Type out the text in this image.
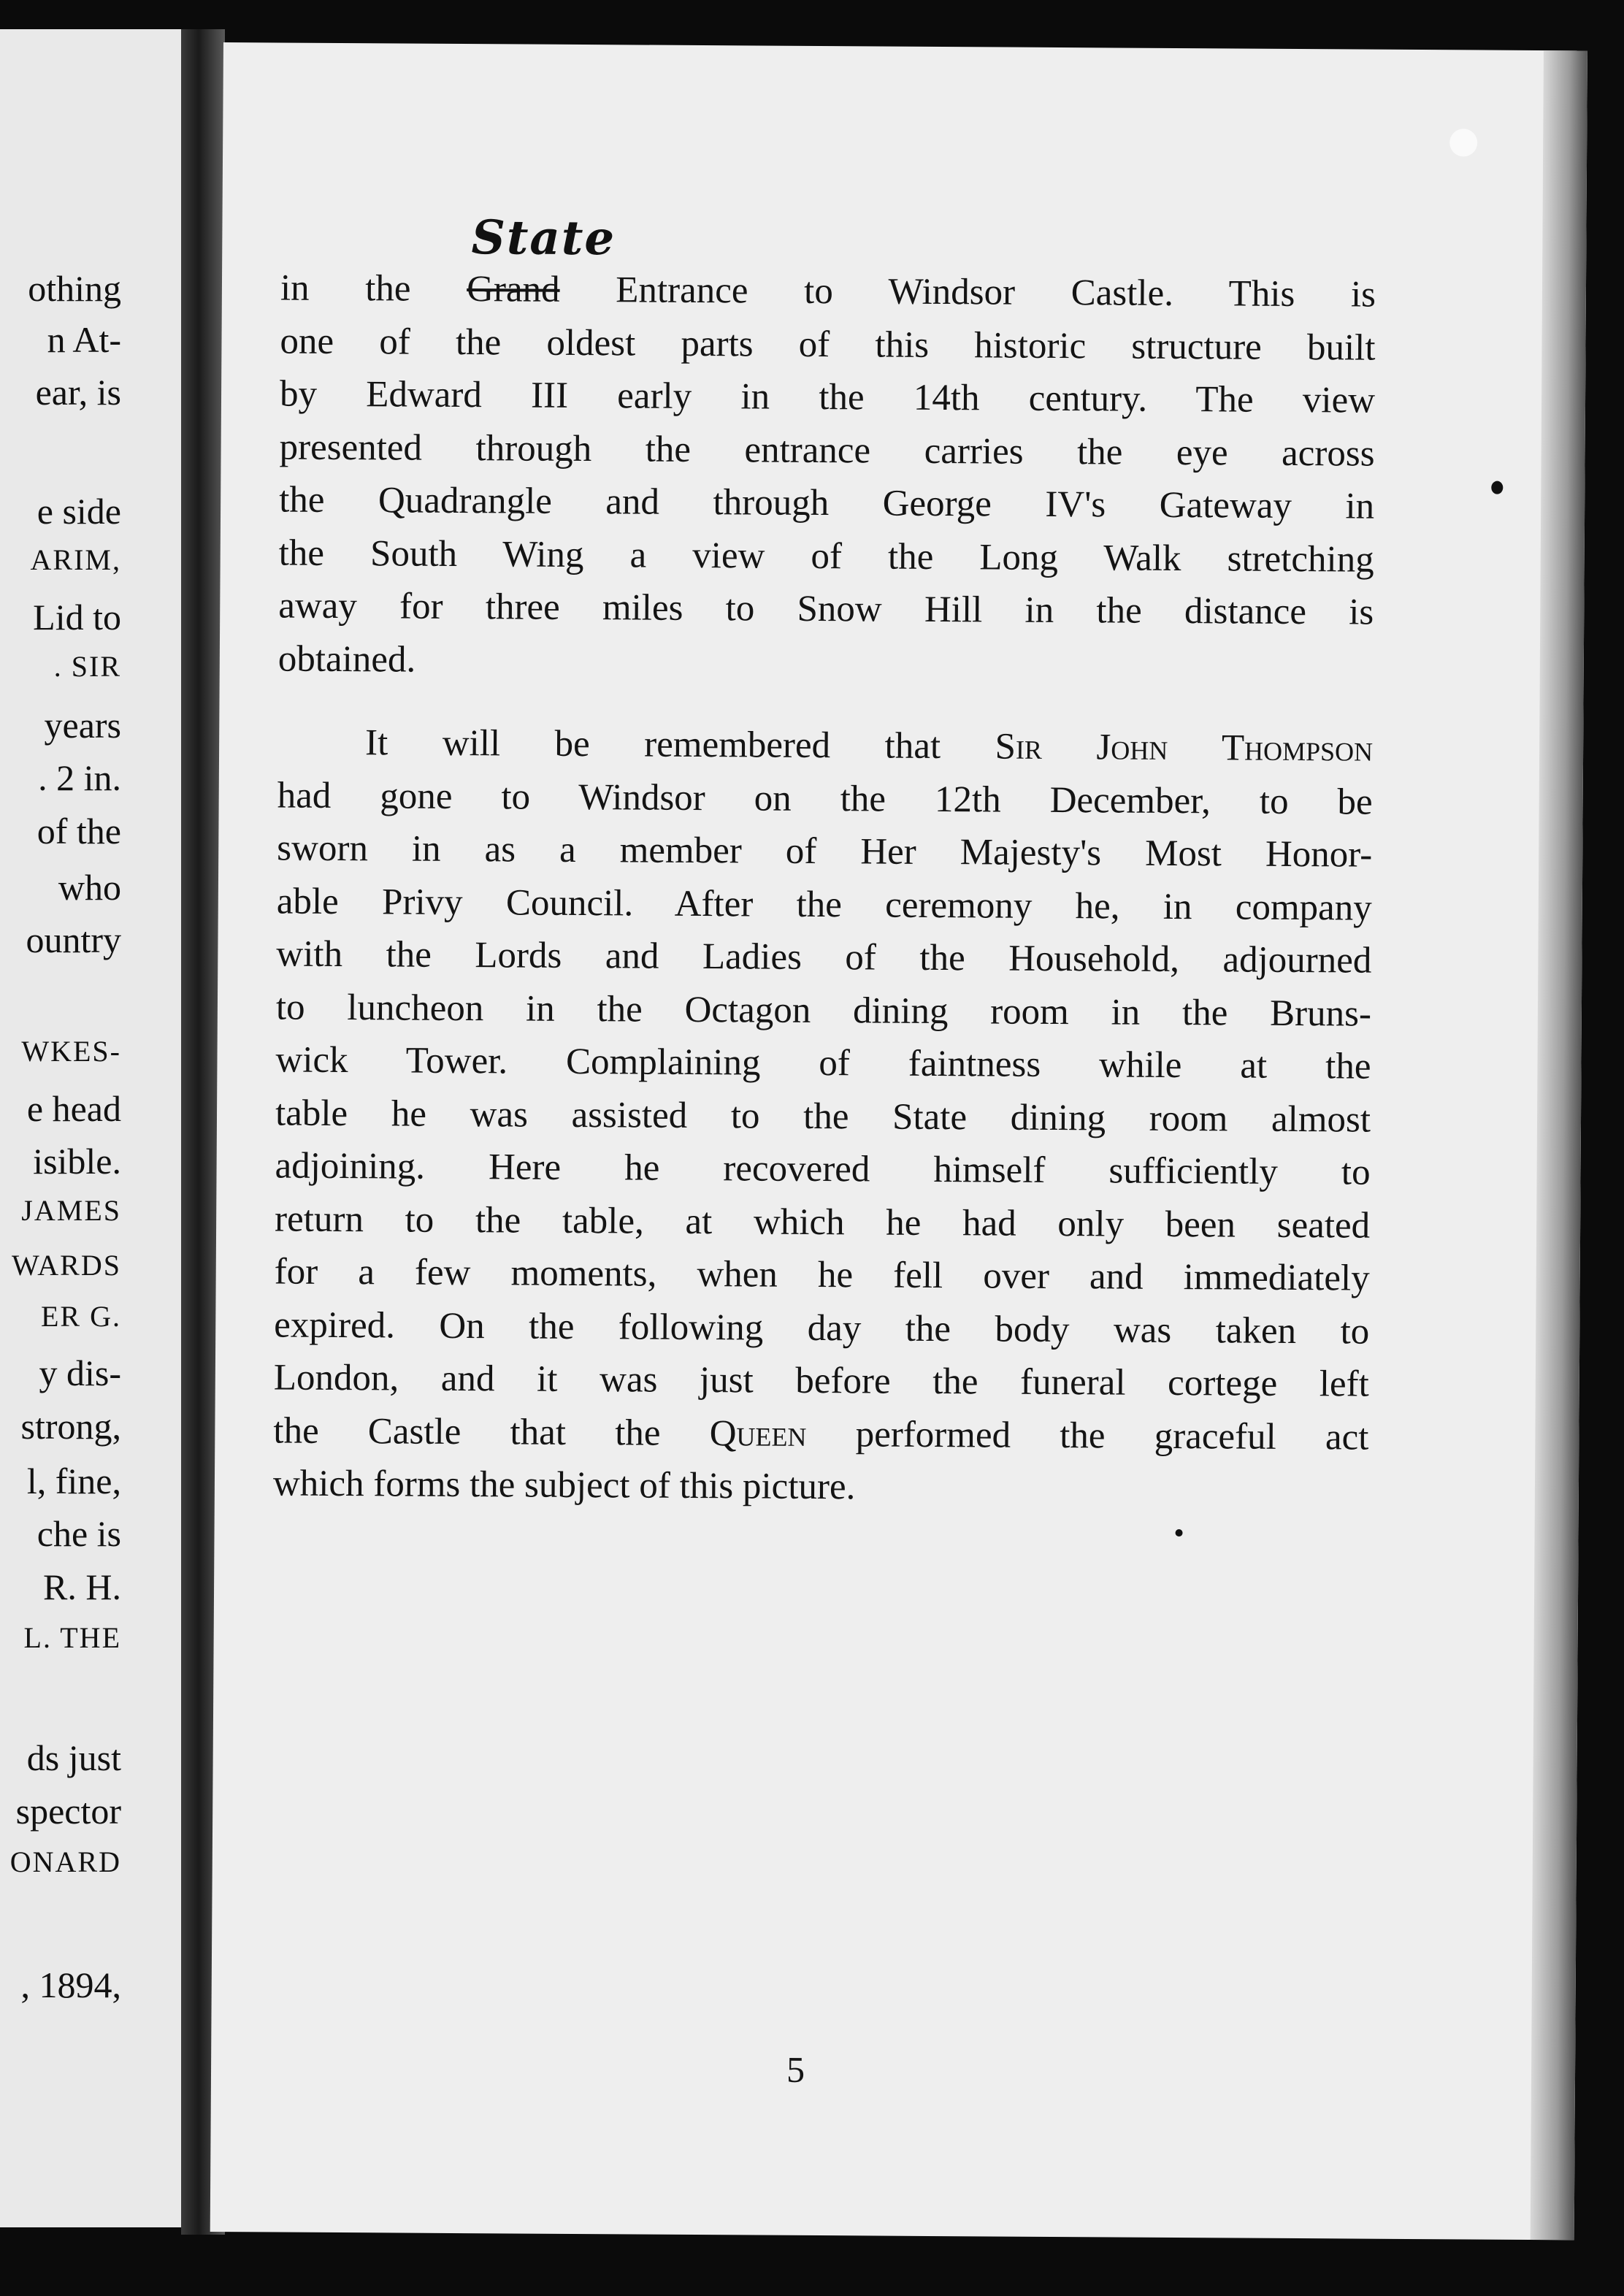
othing
n At-
ear, is
e side
ARIM,
Lid to
. SIR
years
. 2 in.
of the
who
ountry
WKES-
e head
isible.
JAMES
WARDS
ER G.
y dis-
strong,
l, fine,
che is
R. H.
L. THE
ds just
spector
ONARD
, 1894,
in the
State
Grand Entrance to Windsor Castle. This is
one of the oldest parts of this historic structure built
by Edward III early in the 14th century. The view
presented through the entrance carries the eye across
the Quadrangle and through George IV's Gateway in
the South Wing a view of the Long Walk stretching
away for three miles to Snow Hill in the distance is
obtained.
It will be remembered that Sir John Thompson
had gone to Windsor on the 12th December, to be
sworn in as a member of Her Majesty's Most Honor-
able Privy Council. After the ceremony he, in company
with the Lords and Ladies of the Household, adjourned
to luncheon in the Octagon dining room in the Bruns-
wick Tower. Complaining of faintness while at the
table he was assisted to the State dining room almost
adjoining. Here he recovered himself sufficiently to
return to the table, at which he had only been seated
for a few moments, when he fell over and immediately
expired. On the following day the body was taken to
London, and it was just before the funeral cortege left
the Castle that the Queen performed the graceful act
which forms the subject of this picture.
5
